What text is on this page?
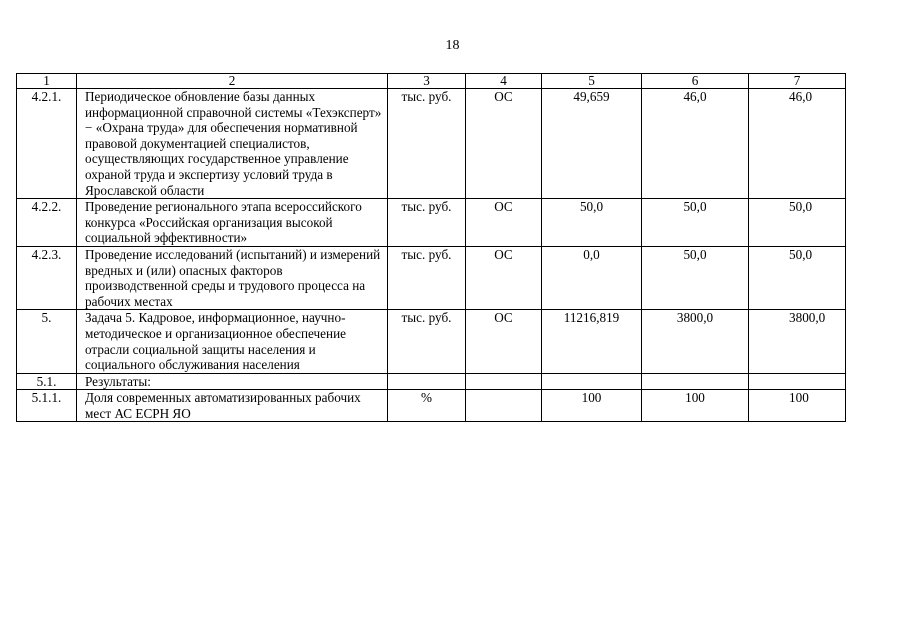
18
1	2	3	4	5	6	7
4.2.1.	Периодическое обновление базы данных информационной справочной системы «Техэксперт» − «Охрана труда» для обеспечения нормативной правовой документацией специалистов, осуществляющих государственное управление охраной труда и экспертизу условий труда в Ярославской области	тыс. руб.	ОС	49,659	46,0	46,0
4.2.2.	Проведение регионального этапа всероссийского конкурса «Российская организация высокой социальной эффективности»	тыс. руб.	ОС	50,0	50,0	50,0
4.2.3.	Проведение исследований (испытаний) и измерений вредных и (или) опасных факторов производственной среды и трудового процесса на рабочих местах	тыс. руб.	ОС	0,0	50,0	50,0
5.	Задача 5. Кадровое, информационное, научно-методическое и организационное обеспечение отрасли социальной защиты населения и социального обслуживания населения	тыс. руб.	ОС	11216,819	3800,0	3800,0
5.1.	Результаты:					
5.1.1.	Доля современных автоматизированных рабочих мест АС ЕСРН ЯО	%		100	100	100
